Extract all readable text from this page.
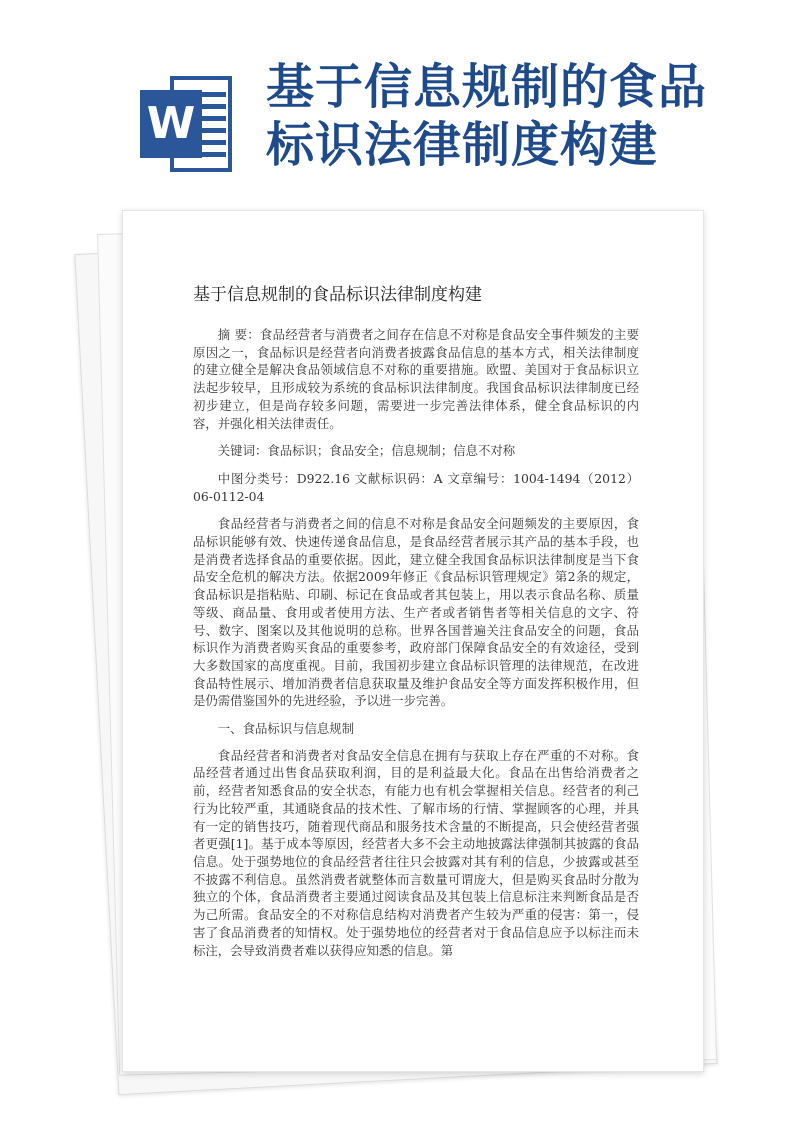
W
基于信息规制的食品标识法律制度构建
基于信息规制的食品标识法律制度构建

摘 要：食品经营者与消费者之间存在信息不对称是食品安全事件频发的主要原因之一，食品标识是经营者向消费者披露食品信息的基本方式，相关法律制度的建立健全是解决食品领域信息不对称的重要措施。欧盟、美国对于食品标识立法起步较早，且形成较为系统的食品标识法律制度。我国食品标识法律制度已经初步建立，但是尚存较多问题，需要进一步完善法律体系，健全食品标识的内容，并强化相关法律责任。

关键词：食品标识；食品安全；信息规制；信息不对称

中图分类号：D922.16 文献标识码：A 文章编号：1004-1494（2012）06-0112-04

食品经营者与消费者之间的信息不对称是食品安全问题频发的主要原因，食品标识能够有效、快速传递食品信息，是食品经营者展示其产品的基本手段，也是消费者选择食品的重要依据。因此，建立健全我国食品标识法律制度是当下食品安全危机的解决方法。依据2009年修正《食品标识管理规定》第2条的规定，食品标识是指粘贴、印刷、标记在食品或者其包装上，用以表示食品名称、质量等级、商品量、食用或者使用方法、生产者或者销售者等相关信息的文字、符号、数字、图案以及其他说明的总称。世界各国普遍关注食品安全的问题，食品标识作为消费者购买食品的重要参考，政府部门保障食品安全的有效途径，受到大多数国家的高度重视。目前，我国初步建立食品标识管理的法律规范，在改进食品特性展示、增加消费者信息获取量及维护食品安全等方面发挥积极作用，但是仍需借鉴国外的先进经验，予以进一步完善。

一、食品标识与信息规制

食品经营者和消费者对食品安全信息在拥有与获取上存在严重的不对称。食品经营者通过出售食品获取利润，目的是利益最大化。食品在出售给消费者之前，经营者知悉食品的安全状态，有能力也有机会掌握相关信息。经营者的利己行为比较严重，其通晓食品的技术性、了解市场的行情、掌握顾客的心理，并具有一定的销售技巧，随着现代商品和服务技术含量的不断提高，只会使经营者强者更强[1]。基于成本等原因，经营者大多不会主动地披露法律强制其披露的食品信息。处于强势地位的食品经营者往往只会披露对其有利的信息，少披露或甚至不披露不利信息。虽然消费者就整体而言数量可谓庞大，但是购买食品时分散为独立的个体，食品消费者主要通过阅读食品及其包装上信息标注来判断食品是否为己所需。食品安全的不对称信息结构对消费者产生较为严重的侵害：第一，侵害了食品消费者的知情权。处于强势地位的经营者对于食品信息应予以标注而未标注，会导致消费者难以获得应知悉的信息。第
